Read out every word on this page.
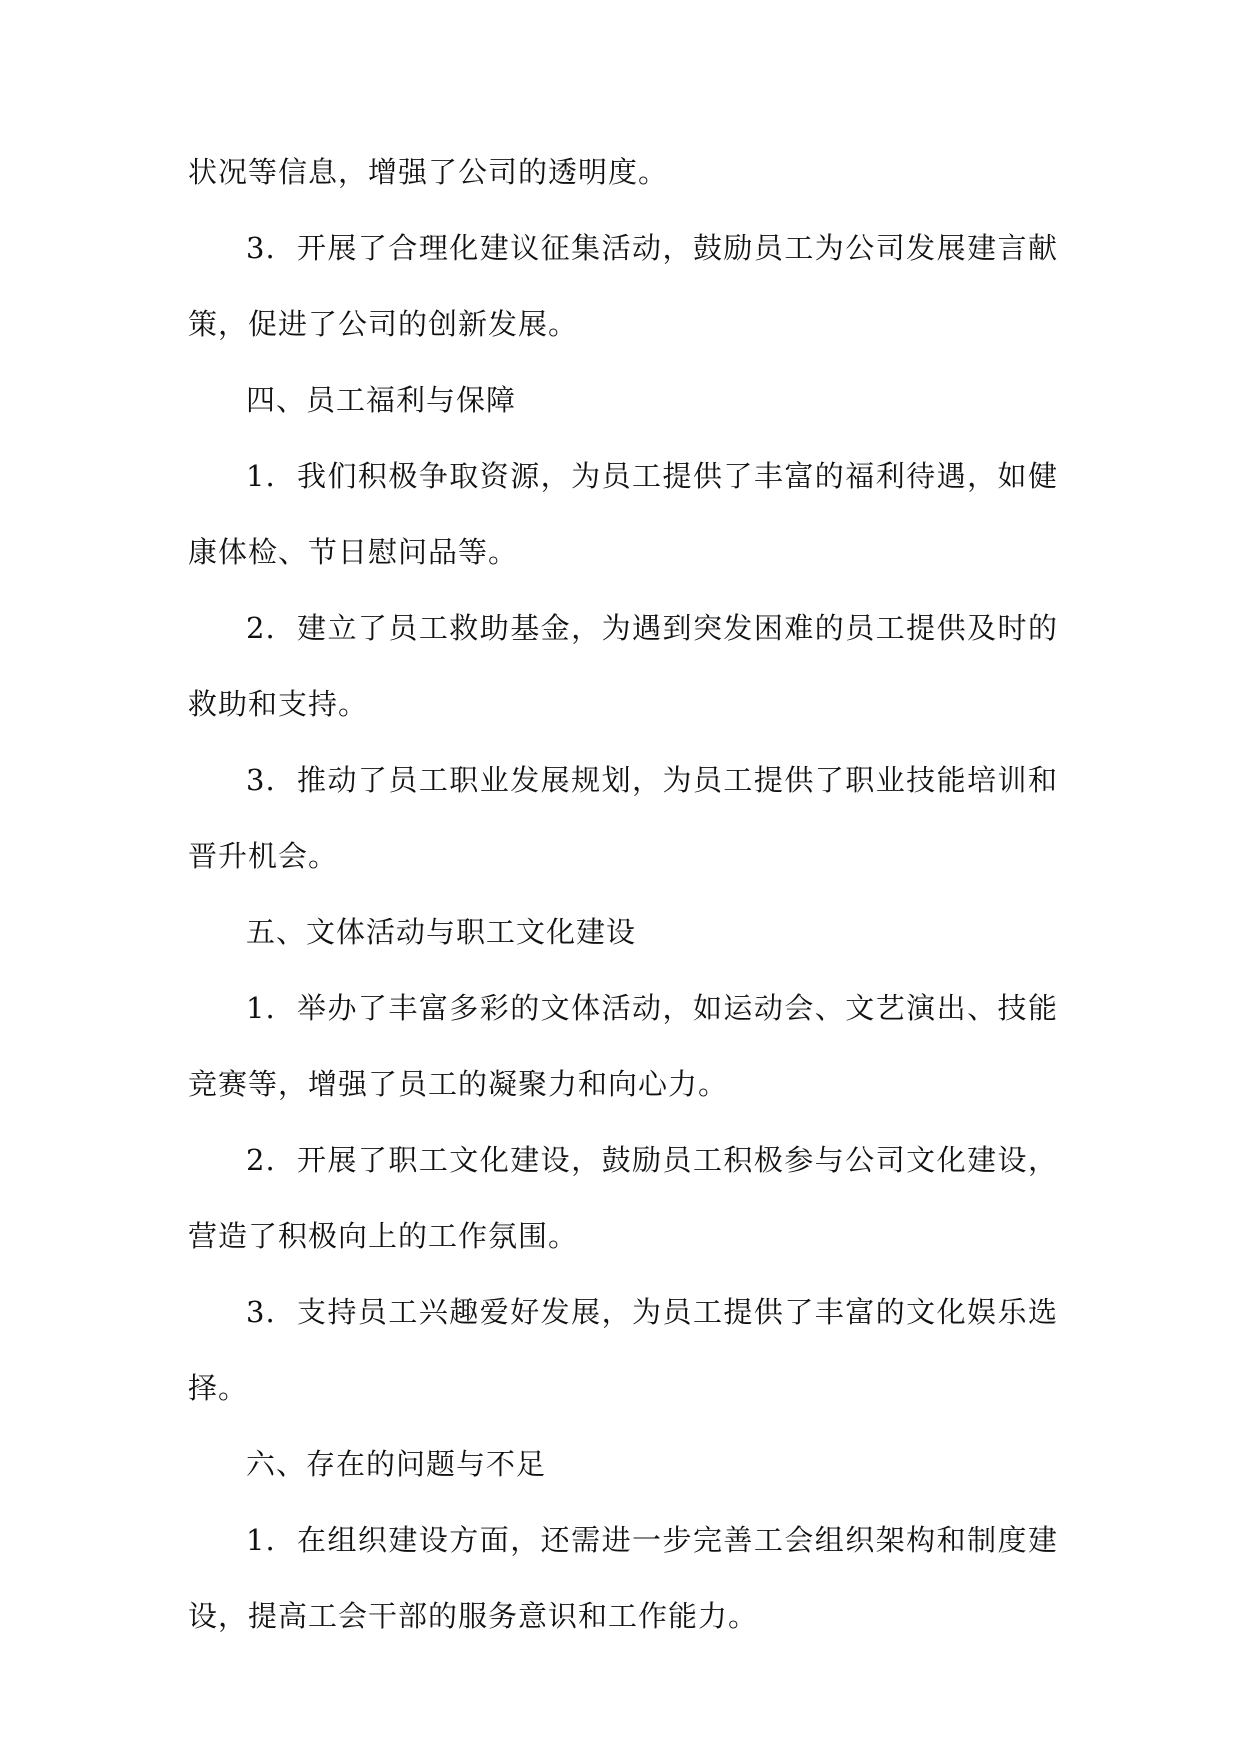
状况等信息，增强了公司的透明度。

3.  开展了合理化建议征集活动，鼓励员工为公司发展建言献策，促进了公司的创新发展。

四、员工福利与保障

1.  我们积极争取资源，为员工提供了丰富的福利待遇，如健康体检、节日慰问品等。

2.  建立了员工救助基金，为遇到突发困难的员工提供及时的救助和支持。

3.  推动了员工职业发展规划，为员工提供了职业技能培训和晋升机会。

五、文体活动与职工文化建设

1.  举办了丰富多彩的文体活动，如运动会、文艺演出、技能竞赛等，增强了员工的凝聚力和向心力。

2.  开展了职工文化建设，鼓励员工积极参与公司文化建设，营造了积极向上的工作氛围。

3.  支持员工兴趣爱好发展，为员工提供了丰富的文化娱乐选择。

六、存在的问题与不足

1.  在组织建设方面，还需进一步完善工会组织架构和制度建设，提高工会干部的服务意识和工作能力。
